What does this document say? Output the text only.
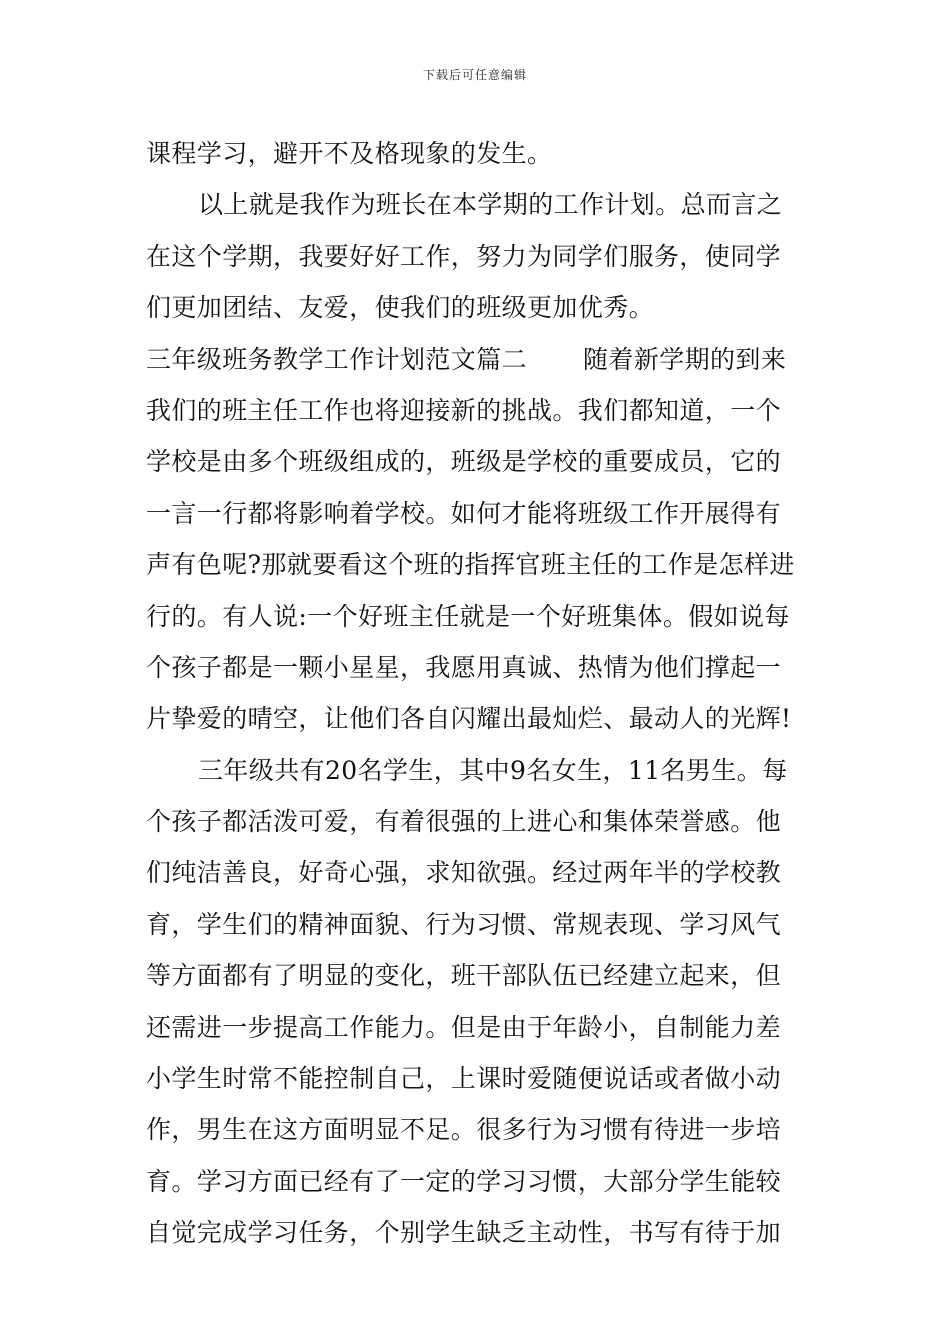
下载后可任意编辑
课程学习，避开不及格现象的发生。
以上就是我作为班长在本学期的工作计划。总而言之
在这个学期，我要好好工作，努力为同学们服务，使同学
们更加团结、友爱，使我们的班级更加优秀。
三年级班务教学工作计划范文篇二 随着新学期的到来
我们的班主任工作也将迎接新的挑战。我们都知道，一个
学校是由多个班级组成的，班级是学校的重要成员，它的
一言一行都将影响着学校。如何才能将班级工作开展得有
声有色呢?那就要看这个班的指挥官班主任的工作是怎样进
行的。有人说:一个好班主任就是一个好班集体。假如说每
个孩子都是一颗小星星，我愿用真诚、热情为他们撑起一
片挚爱的晴空，让他们各自闪耀出最灿烂、最动人的光辉!
三年级共有20名学生，其中9名女生，11名男生。每
个孩子都活泼可爱，有着很强的上进心和集体荣誉感。他
们纯洁善良，好奇心强，求知欲强。经过两年半的学校教
育，学生们的精神面貌、行为习惯、常规表现、学习风气
等方面都有了明显的变化，班干部队伍已经建立起来，但
还需进一步提高工作能力。但是由于年龄小，自制能力差
小学生时常不能控制自己，上课时爱随便说话或者做小动
作，男生在这方面明显不足。很多行为习惯有待进一步培
育。学习方面已经有了一定的学习习惯，大部分学生能较
自觉完成学习任务，个别学生缺乏主动性，书写有待于加
